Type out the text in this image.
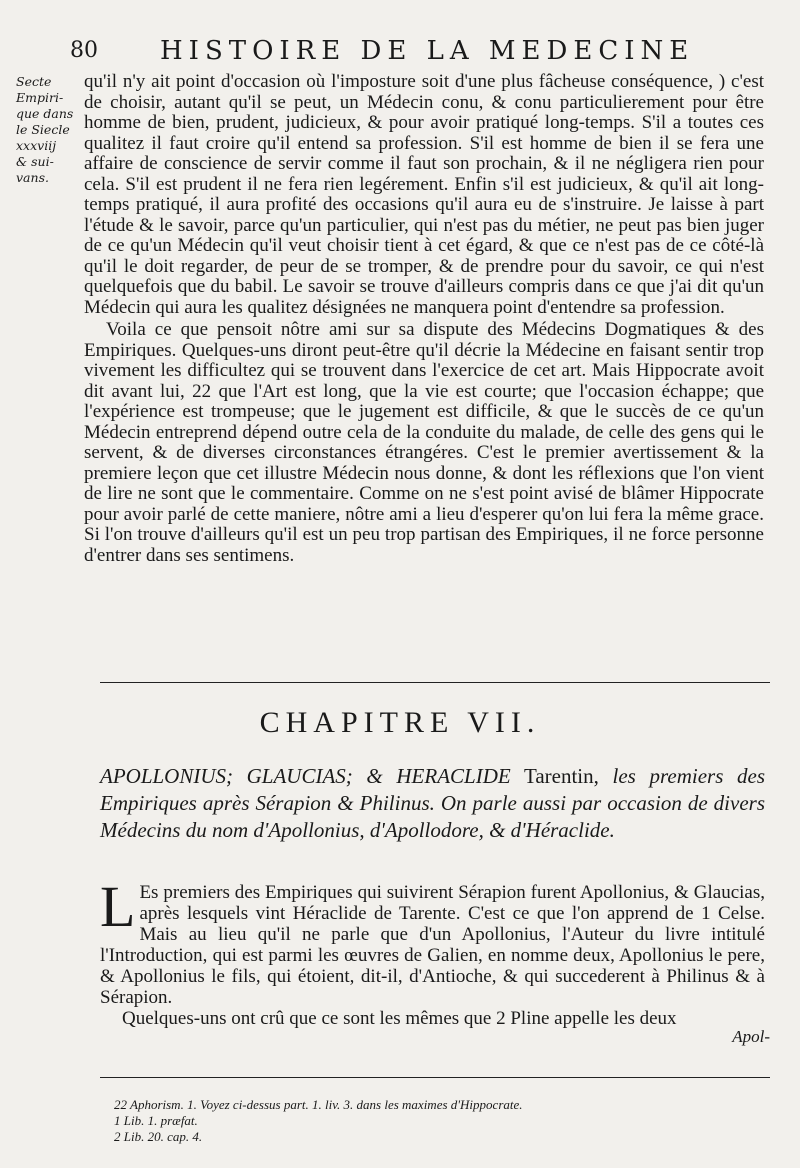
80 HISTOIRE DE LA MEDECINE
Secte
Empiri-
que dans
le Siecle
xxxviij
& sui-
vans.

qu'il n'y ait point d'occasion où l'imposture soit d'une plus fâcheuse conséquence, ) c'est de choisir, autant qu'il se peut, un Médecin conu, & conu particulierement pour être homme de bien, prudent, judicieux, & pour avoir pratiqué long-temps. S'il a toutes ces qualitez il faut croire qu'il entend sa profession. S'il est homme de bien il se fera une affaire de conscience de servir comme il faut son prochain, & il ne négligera rien pour cela. S'il est prudent il ne fera rien legérement. Enfin s'il est judicieux, & qu'il ait long-temps pratiqué, il aura profité des occasions qu'il aura eu de s'instruire. Je laisse à part l'étude & le savoir, parce qu'un particulier, qui n'est pas du métier, ne peut pas bien juger de ce qu'un Médecin qu'il veut choisir tient à cet égard, & que ce n'est pas de ce côté-là qu'il le doit regarder, de peur de se tromper, & de prendre pour du savoir, ce qui n'est quelquefois que du babil. Le savoir se trouve d'ailleurs compris dans ce que j'ai dit qu'un Médecin qui aura les qualitez désignées ne manquera point d'entendre sa profession.

Voila ce que pensoit nôtre ami sur sa dispute des Médecins Dogmatiques & des Empiriques. Quelques-uns diront peut-être qu'il décrie la Médecine en faisant sentir trop vivement les difficultez qui se trouvent dans l'exercice de cet art. Mais Hippocrate avoit dit avant lui, 22 que l'Art est long, que la vie est courte; que l'occasion échappe; que l'expérience est trompeuse; que le jugement est difficile, & que le succès de ce qu'un Médecin entreprend dépend outre cela de la conduite du malade, de celle des gens qui le servent, & de diverses circonstances étrangéres. C'est le premier avertissement & la premiere leçon que cet illustre Médecin nous donne, & dont les réflexions que l'on vient de lire ne sont que le commentaire. Comme on ne s'est point avisé de blâmer Hippocrate pour avoir parlé de cette maniere, nôtre ami a lieu d'esperer qu'on lui fera la même grace. Si l'on trouve d'ailleurs qu'il est un peu trop partisan des Empiriques, il ne force personne d'entrer dans ses sentimens.

CHAPITRE VII.
APOLLONIUS; GLAUCIAS; & HERACLIDE Tarentin, les premiers des Empiriques après Sérapion & Philinus. On parle aussi par occasion de divers Médecins du nom d'Apollonius, d'Apollodore, & d'Héraclide.

L Es premiers des Empiriques qui suivirent Sérapion furent Apollonius, & Glaucias, après lesquels vint Héraclide de Tarente. C'est ce que l'on apprend de 1 Celse. Mais au lieu qu'il ne parle que d'un Apollonius, l'Auteur du livre intitulé l'Introduction, qui est parmi les œuvres de Galien, en nomme deux, Apollonius le pere, & Apollonius le fils, qui étoient, dit-il, d'Antioche, & qui succederent à Philinus & à Sérapion.

Quelques-uns ont crû que ce sont les mêmes que 2 Pline appelle les deux

Apol-
22 Aphorism. 1. Voyez ci-dessus part. 1. liv. 3. dans les maximes d'Hippocrate.
1 Lib. 1. præfat.
2 Lib. 20. cap. 4.
